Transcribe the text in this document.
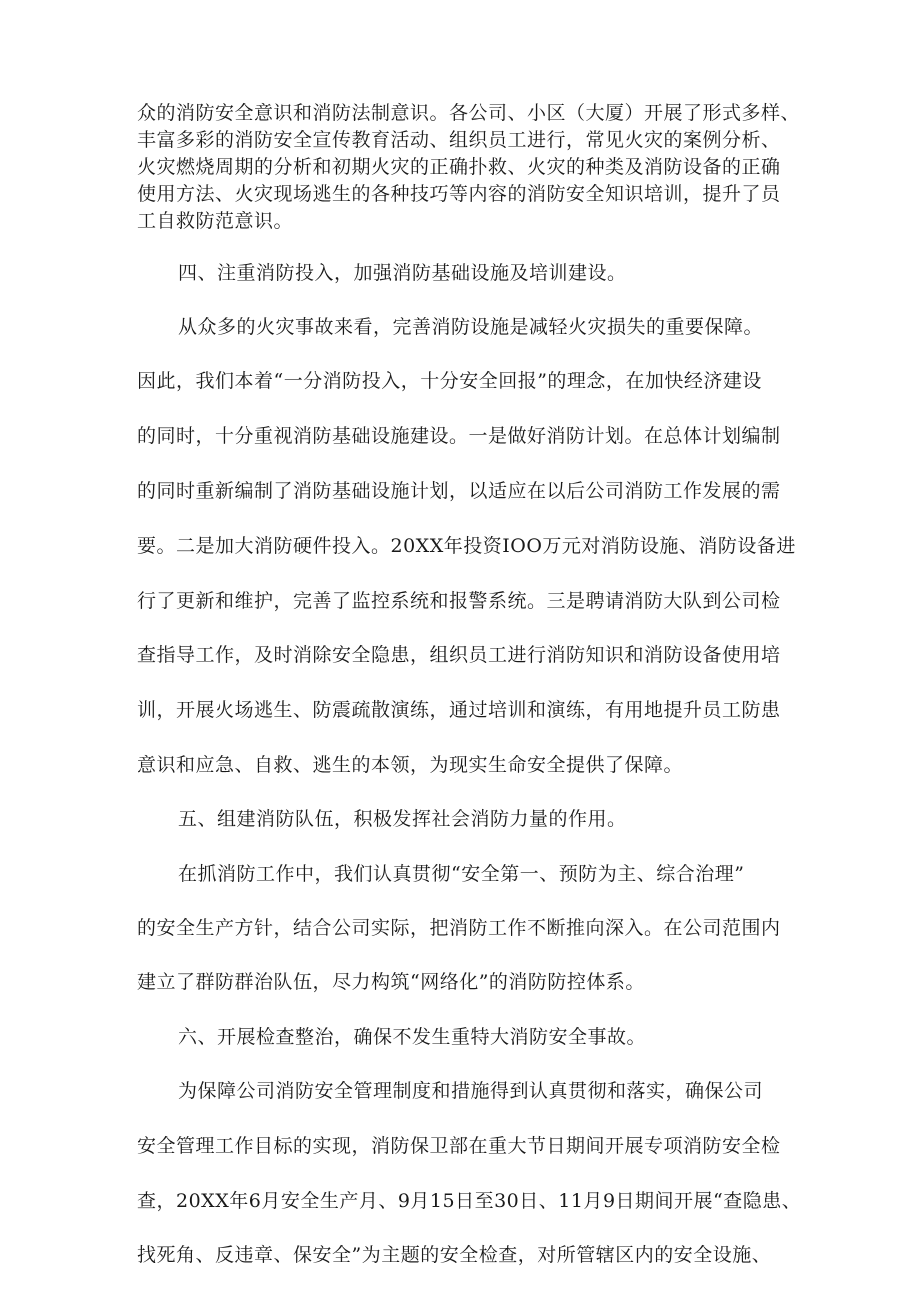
众的消防安全意识和消防法制意识。各公司、小区（大厦）开展了形式多样、
丰富多彩的消防安全宣传教育活动、组织员工进行，常见火灾的案例分析、
火灾燃烧周期的分析和初期火灾的正确扑救、火灾的种类及消防设备的正确
使用方法、火灾现场逃生的各种技巧等内容的消防安全知识培训，提升了员
工自救防范意识。
四、注重消防投入，加强消防基础设施及培训建设。
从众多的火灾事故来看，完善消防设施是减轻火灾损失的重要保障。
因此，我们本着“一分消防投入，十分安全回报”的理念，在加快经济建设
的同时，十分重视消防基础设施建设。一是做好消防计划。在总体计划编制
的同时重新编制了消防基础设施计划，以适应在以后公司消防工作发展的需
要。二是加大消防硬件投入。20XX年投资IOO万元对消防设施、消防设备进
行了更新和维护，完善了监控系统和报警系统。三是聘请消防大队到公司检
查指导工作，及时消除安全隐患，组织员工进行消防知识和消防设备使用培
训，开展火场逃生、防震疏散演练，通过培训和演练，有用地提升员工防患
意识和应急、自救、逃生的本领，为现实生命安全提供了保障。
五、组建消防队伍，积极发挥社会消防力量的作用。
在抓消防工作中，我们认真贯彻“安全第一、预防为主、综合治理”
的安全生产方针，结合公司实际，把消防工作不断推向深入。在公司范围内
建立了群防群治队伍，尽力构筑“网络化”的消防防控体系。
六、开展检查整治，确保不发生重特大消防安全事故。
为保障公司消防安全管理制度和措施得到认真贯彻和落实，确保公司
安全管理工作目标的实现，消防保卫部在重大节日期间开展专项消防安全检
查，20XX年6月安全生产月、9月15日至30日、11月9日期间开展“查隐患、
找死角、反违章、保安全”为主题的安全检查，对所管辖区内的安全设施、
